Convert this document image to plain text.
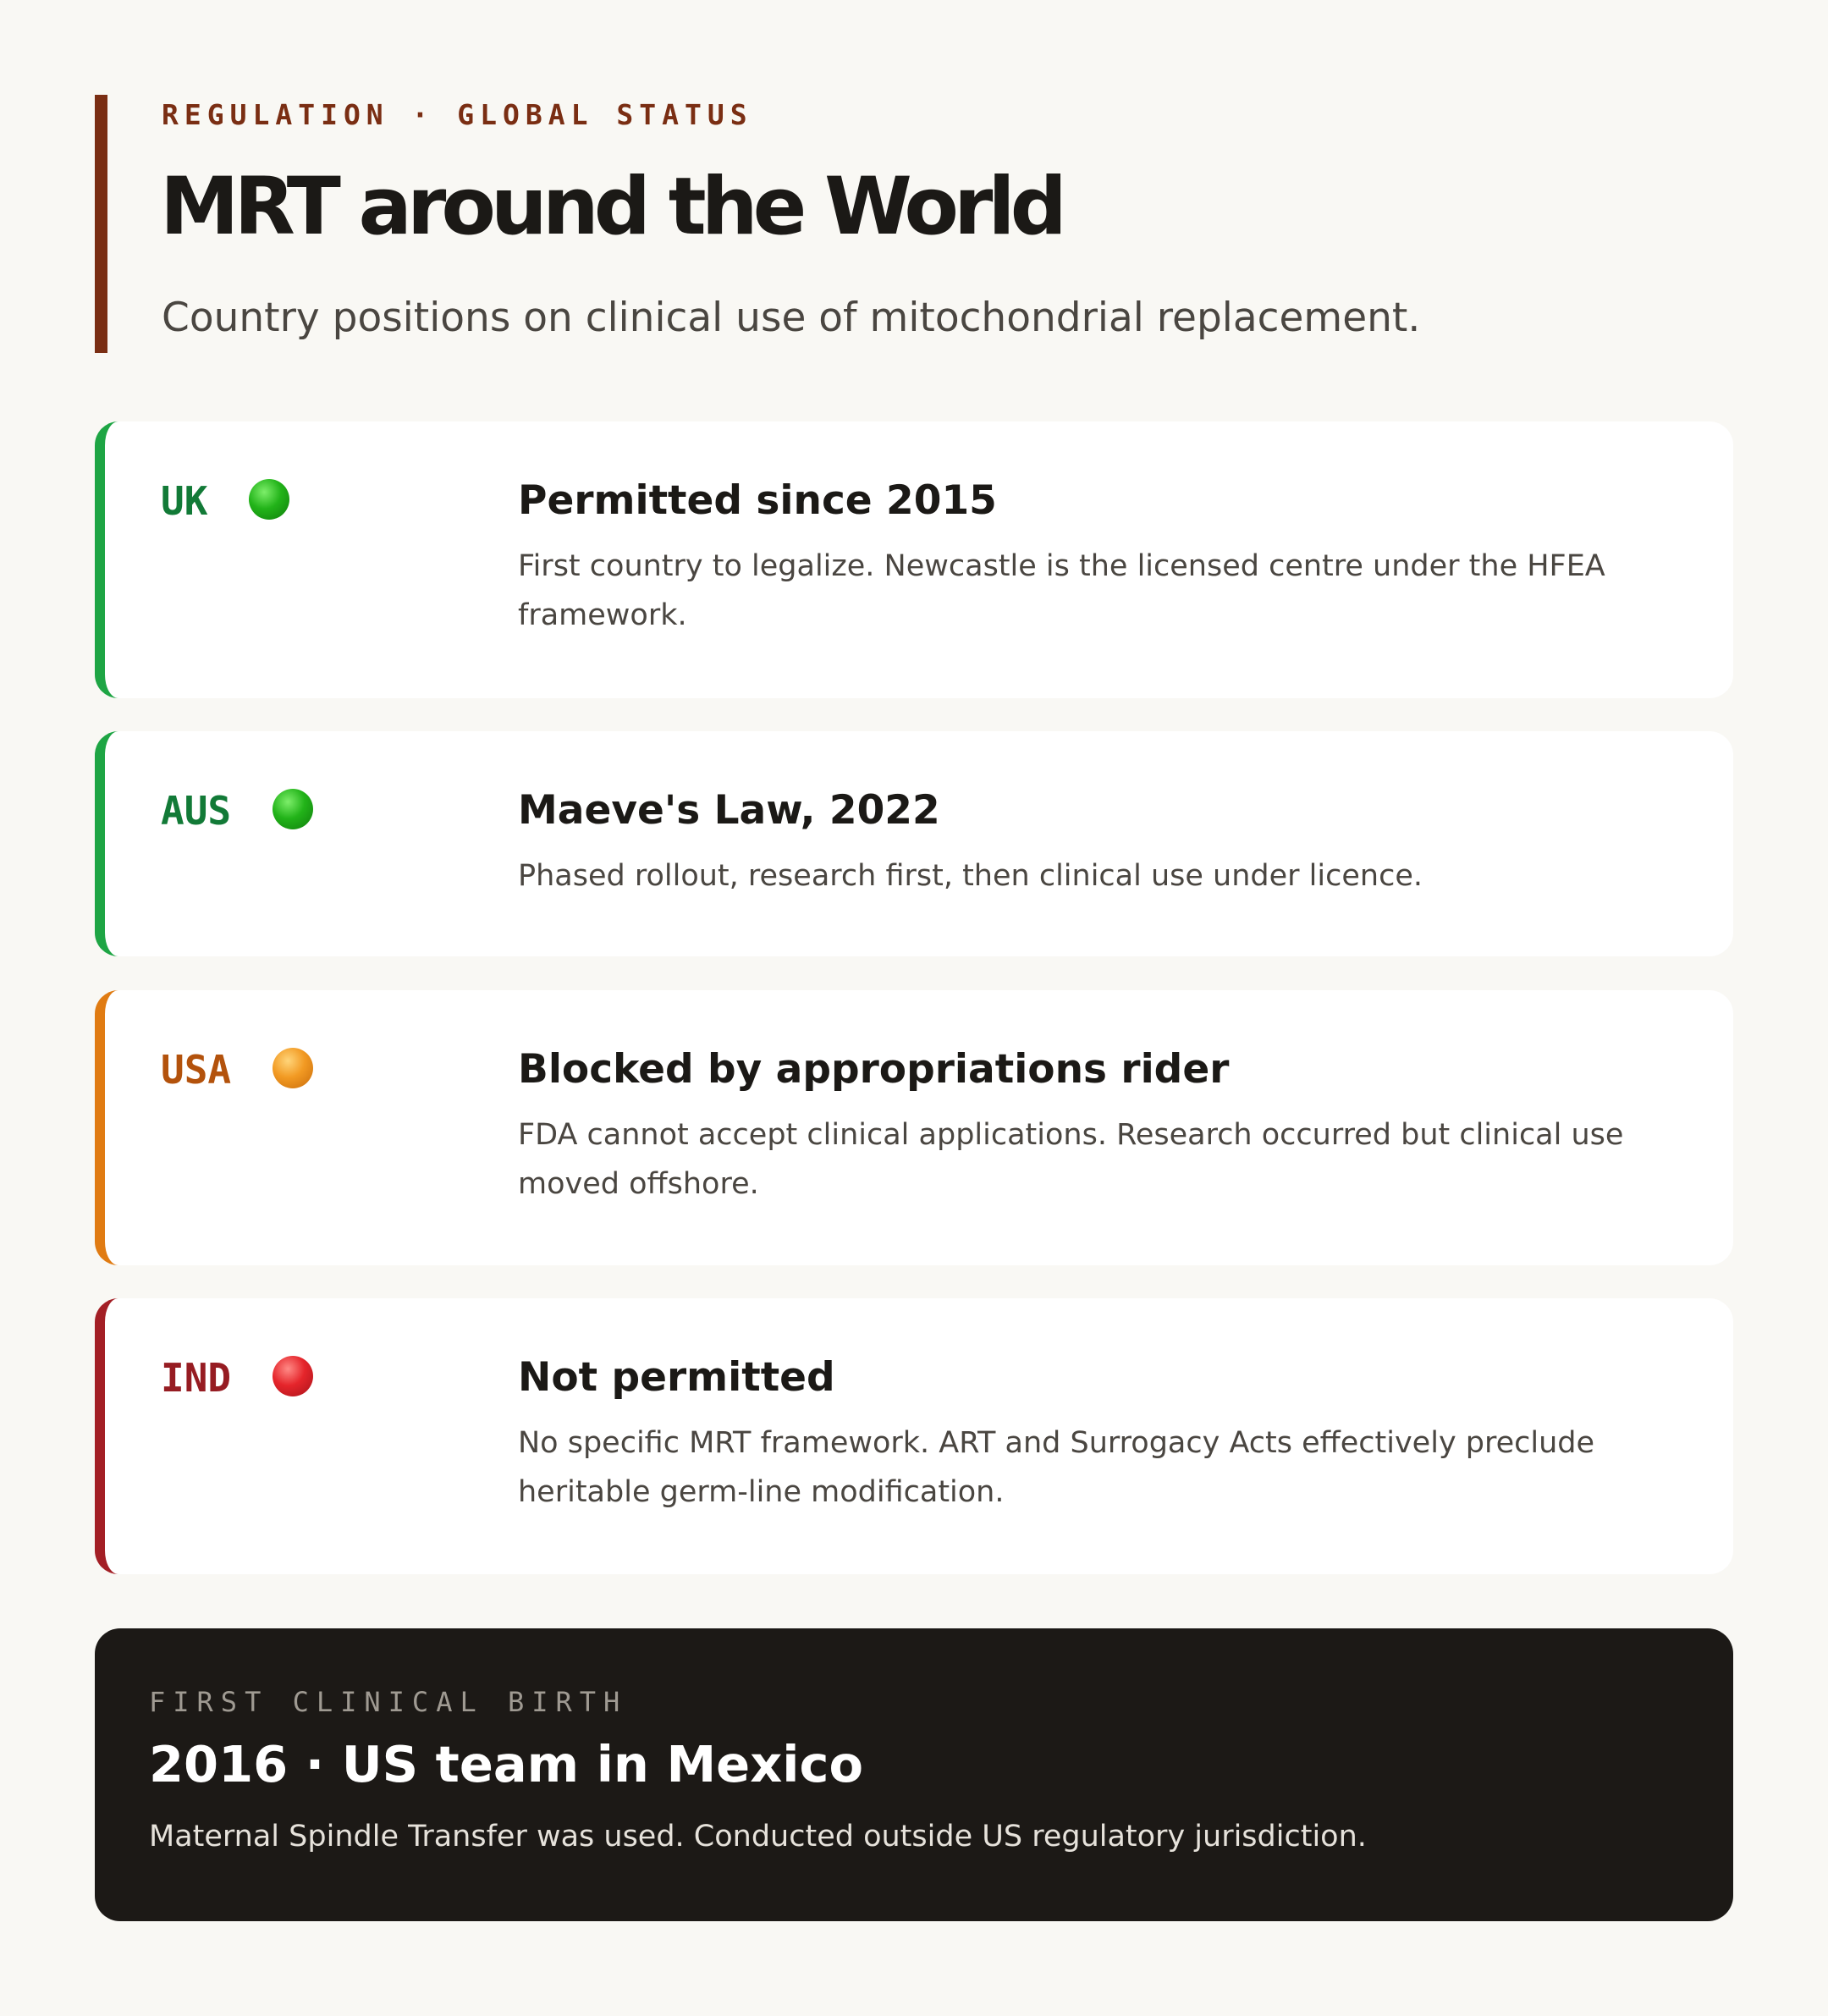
REGULATION · GLOBAL STATUS
MRT around the World
Country positions on clinical use of mitochondrial replacement.
UK	Permitted since 2015
First country to legalize. Newcastle is the licensed centre under the HFEA framework.
AUS	Maeve's Law, 2022
Phased rollout, research first, then clinical use under licence.
USA	Blocked by appropriations rider
FDA cannot accept clinical applications. Research occurred but clinical use moved offshore.
IND	Not permitted
No specific MRT framework. ART and Surrogacy Acts effectively preclude heritable germ-line modification.
FIRST CLINICAL BIRTH
2016 · US team in Mexico
Maternal Spindle Transfer was used. Conducted outside US regulatory jurisdiction.
